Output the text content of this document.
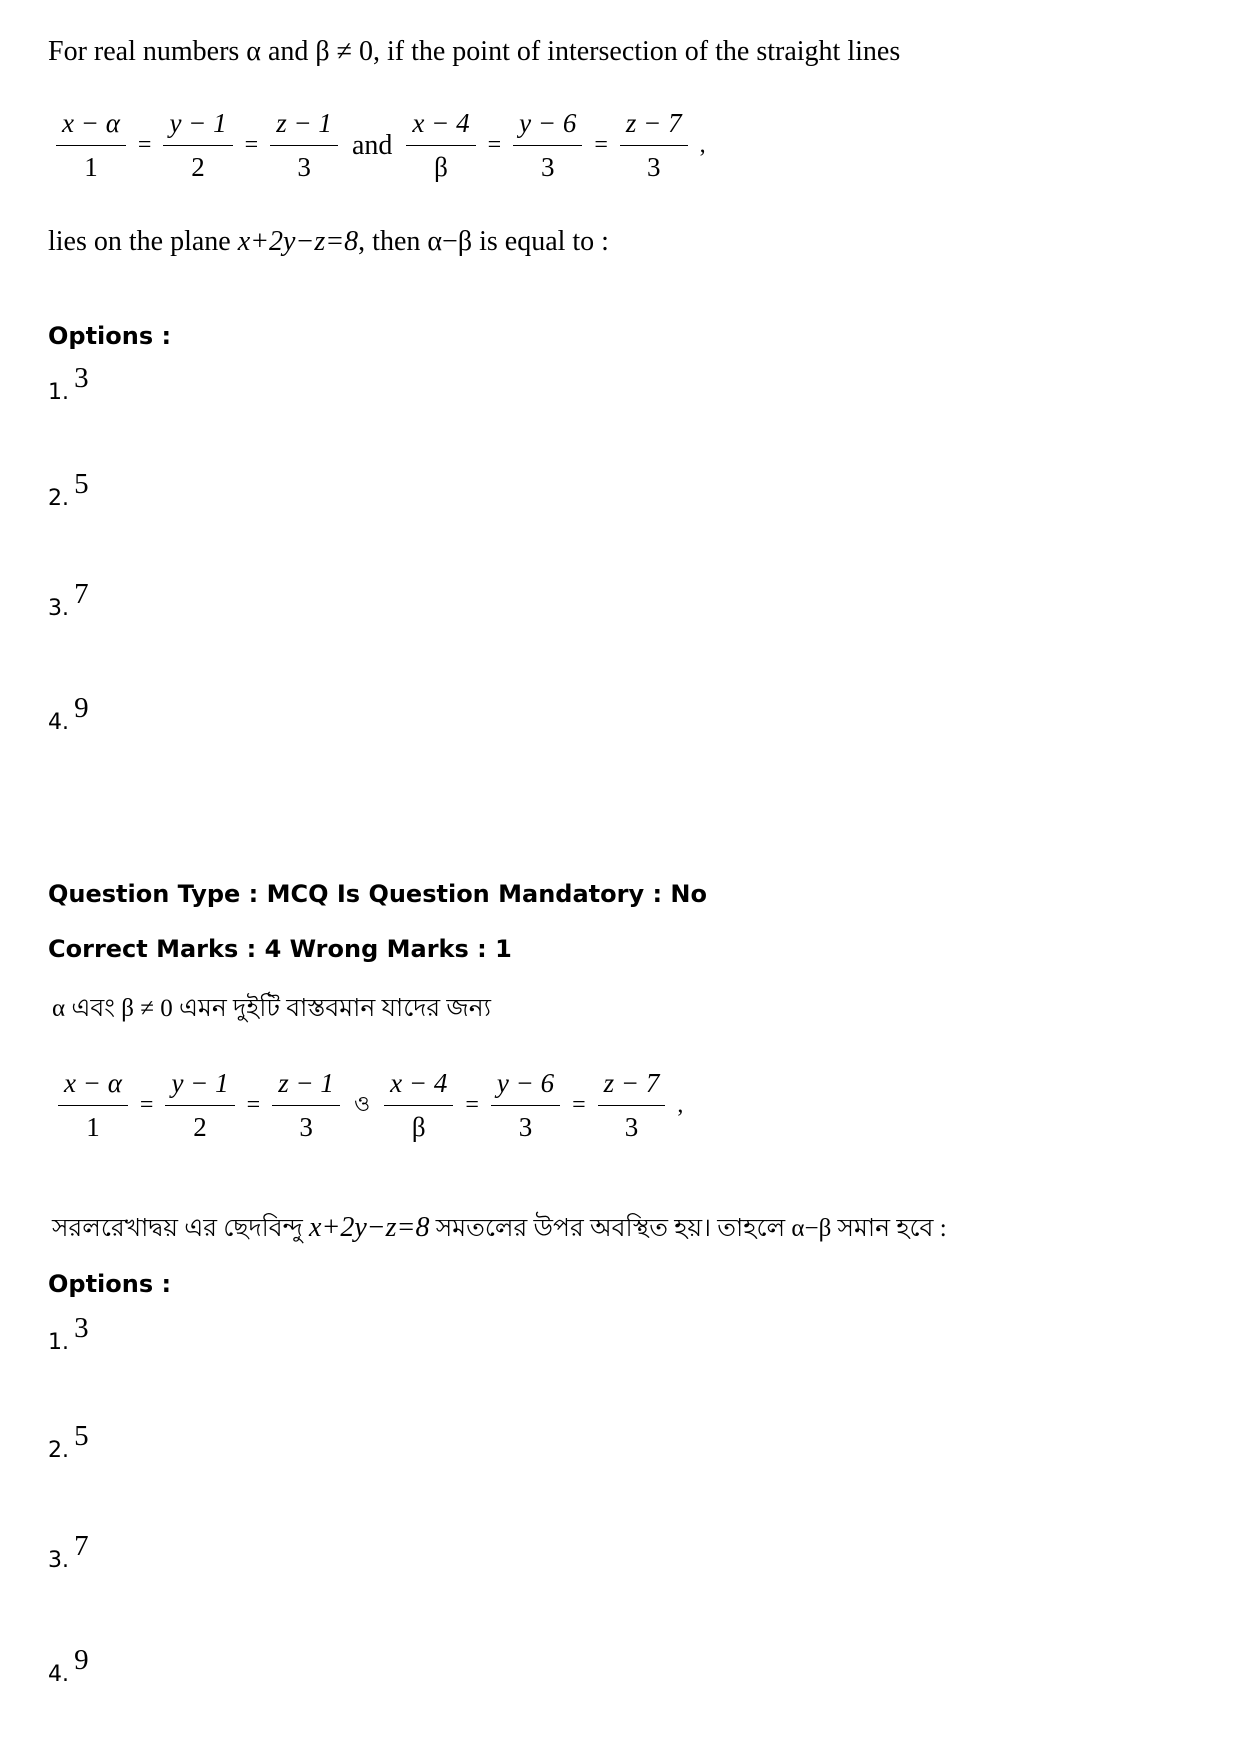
For real numbers α and β ≠ 0, if the point of intersection of the straight lines
$\frac{x - \alpha}{1} = \frac{y - 1}{2} = \frac{z - 1}{3}$ and $\frac{x - 4}{\beta} = \frac{y - 6}{3} = \frac{z - 7}{3}$ ,
lies on the plane x+2y−z=8, then α−β is equal to :
Options :
1. 3
2. 5
3. 7
4. 9
Question Type : MCQ Is Question Mandatory : No
Correct Marks : 4 Wrong Marks : 1
α এবং β ≠ 0 এমন দুইটি বাস্তবমান যাদের জন্য
$\frac{x - \alpha}{1} = \frac{y - 1}{2} = \frac{z - 1}{3}$ ও $\frac{x - 4}{\beta} = \frac{y - 6}{3} = \frac{z - 7}{3}$ ,
সরলরেখাদ্বয় এর ছেদবিন্দু x+2y−z=8 সমতলের উপর অবস্থিত হয়। তাহলে α−β সমান হবে :
Options :
1. 3
2. 5
3. 7
4. 9
